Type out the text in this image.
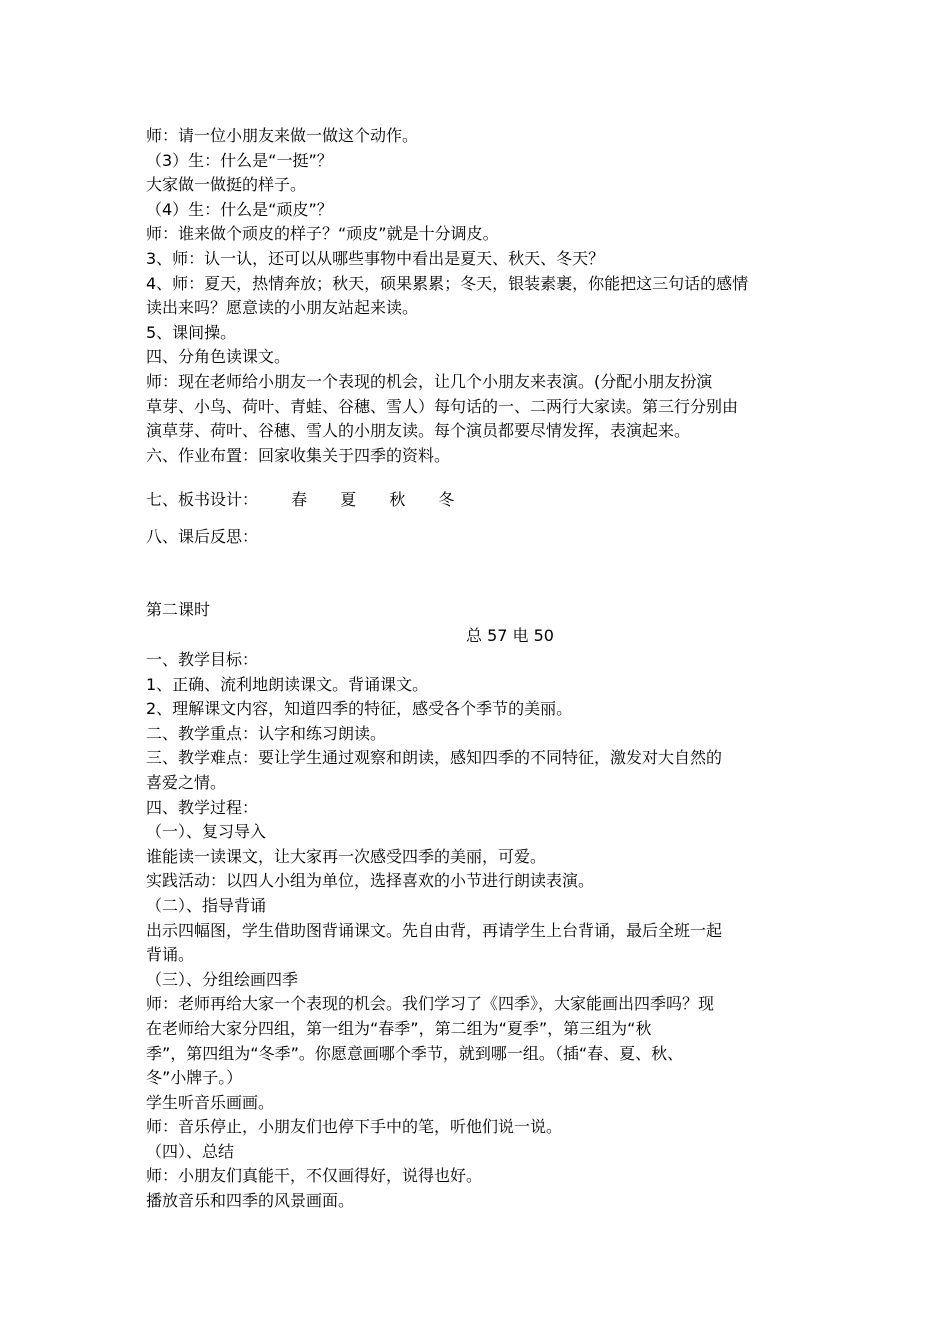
师：请一位小朋友来做一做这个动作。
（3）生：什么是“一挺”？
大家做一做挺的样子。
（4）生：什么是“顽皮”？
师：谁来做个顽皮的样子？“顽皮”就是十分调皮。
3、师：认一认，还可以从哪些事物中看出是夏天、秋天、冬天？
4、师：夏天，热情奔放；秋天，硕果累累；冬天，银装素裹，你能把这三句话的感情
读出来吗？愿意读的小朋友站起来读。
5、课间操。
四、分角色读课文。
师：现在老师给小朋友一个表现的机会，让几个小朋友来表演。(分配小朋友扮演
草芽、小鸟、荷叶、青蛙、谷穗、雪人）每句话的一、二两行大家读。第三行分别由
演草芽、荷叶、谷穗、雪人的小朋友读。每个演员都要尽情发挥，表演起来。
六、作业布置：回家收集关于四季的资料。
七、板书设计： 春 夏 秋 冬
八、课后反思：
第二课时
总 57 电 50
一、教学目标：
1、正确、流利地朗读课文。背诵课文。
2、理解课文内容，知道四季的特征，感受各个季节的美丽。
二、教学重点：认字和练习朗读。
三、教学难点：要让学生通过观察和朗读，感知四季的不同特征，激发对大自然的
喜爱之情。
四、教学过程：
（一）、复习导入
谁能读一读课文，让大家再一次感受四季的美丽，可爱。
实践活动：以四人小组为单位，选择喜欢的小节进行朗读表演。
（二）、指导背诵
出示四幅图，学生借助图背诵课文。先自由背，再请学生上台背诵，最后全班一起
背诵。
（三）、分组绘画四季
师：老师再给大家一个表现的机会。我们学习了《四季》，大家能画出四季吗？现
在老师给大家分四组，第一组为“春季”，第二组为“夏季”，第三组为“秋
季”，第四组为“冬季”。你愿意画哪个季节，就到哪一组。（插“春、夏、秋、
冬”小牌子。）
学生听音乐画画。
师：音乐停止，小朋友们也停下手中的笔，听他们说一说。
（四）、总结
师：小朋友们真能干，不仅画得好，说得也好。
播放音乐和四季的风景画面。
